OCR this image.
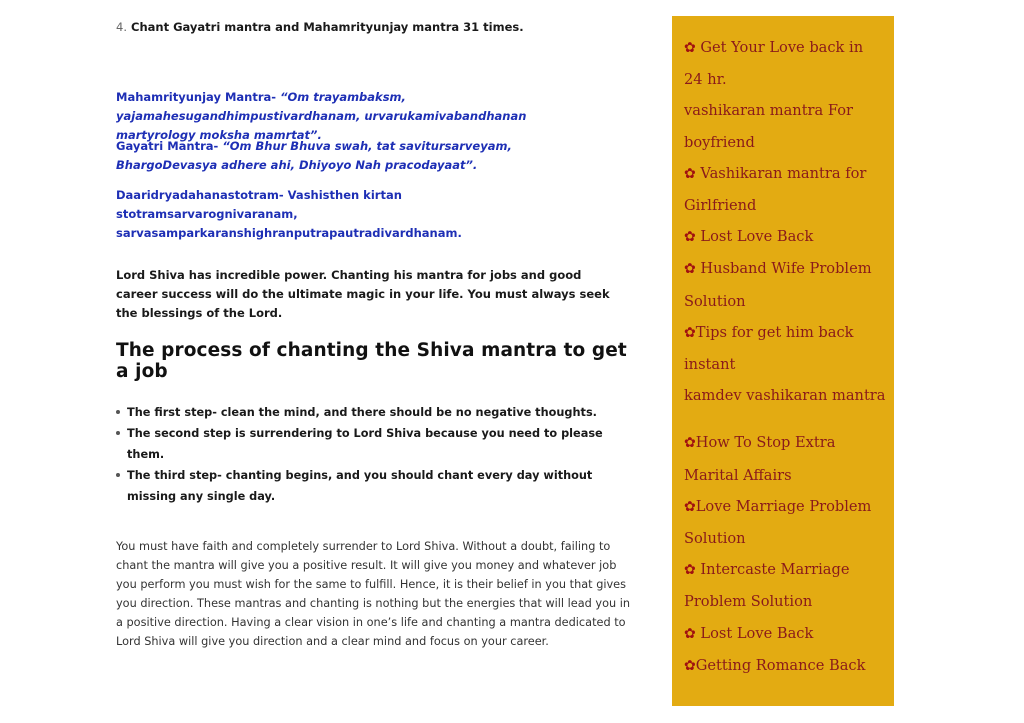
4. Chant Gayatri mantra and Mahamrityunjay mantra 31 times.

Mahamrityunjay Mantra- “Om trayambaksm, yajamahesugandhimpustivardhanam, urvarukamivabandhanan martyrology moksha mamrtat”.

Gayatri Mantra- “Om Bhur Bhuva swah, tat savitursarveyam, BhargoDevasya adhere ahi, Dhiyoyo Nah pracodayaat”.

Daaridryadahanastotram- Vashisthen kirtan stotramsarvarognivaranam, sarvasamparkaranshighranputrapautradivardhanam.

Lord Shiva has incredible power. Chanting his mantra for jobs and good career success will do the ultimate magic in your life. You must always seek the blessings of the Lord.

The process of chanting the Shiva mantra to get a job
The first step- clean the mind, and there should be no negative thoughts.
The second step is surrendering to Lord Shiva because you need to please them.
The third step- chanting begins, and you should chant every day without missing any single day.

You must have faith and completely surrender to Lord Shiva. Without a doubt, failing to chant the mantra will give you a positive result. It will give you money and whatever job you perform you must wish for the same to fulfill. Hence, it is their belief in you that gives you direction. These mantras and chanting is nothing but the energies that will lead you in a positive direction. Having a clear vision in one’s life and chanting a mantra dedicated to Lord Shiva will give you direction and a clear mind and focus on your career.

✿ Get Your Love back in 24 hr.
vashikaran mantra For boyfriend
✿ Vashikaran mantra for Girlfriend
✿ Lost Love Back
✿ Husband Wife Problem Solution
✿Tips for get him back instant
kamdev vashikaran mantra
✿How To Stop Extra Marital Affairs
✿Love Marriage Problem Solution
✿ Intercaste Marriage Problem Solution
✿ Lost Love Back
✿Getting Romance Back
